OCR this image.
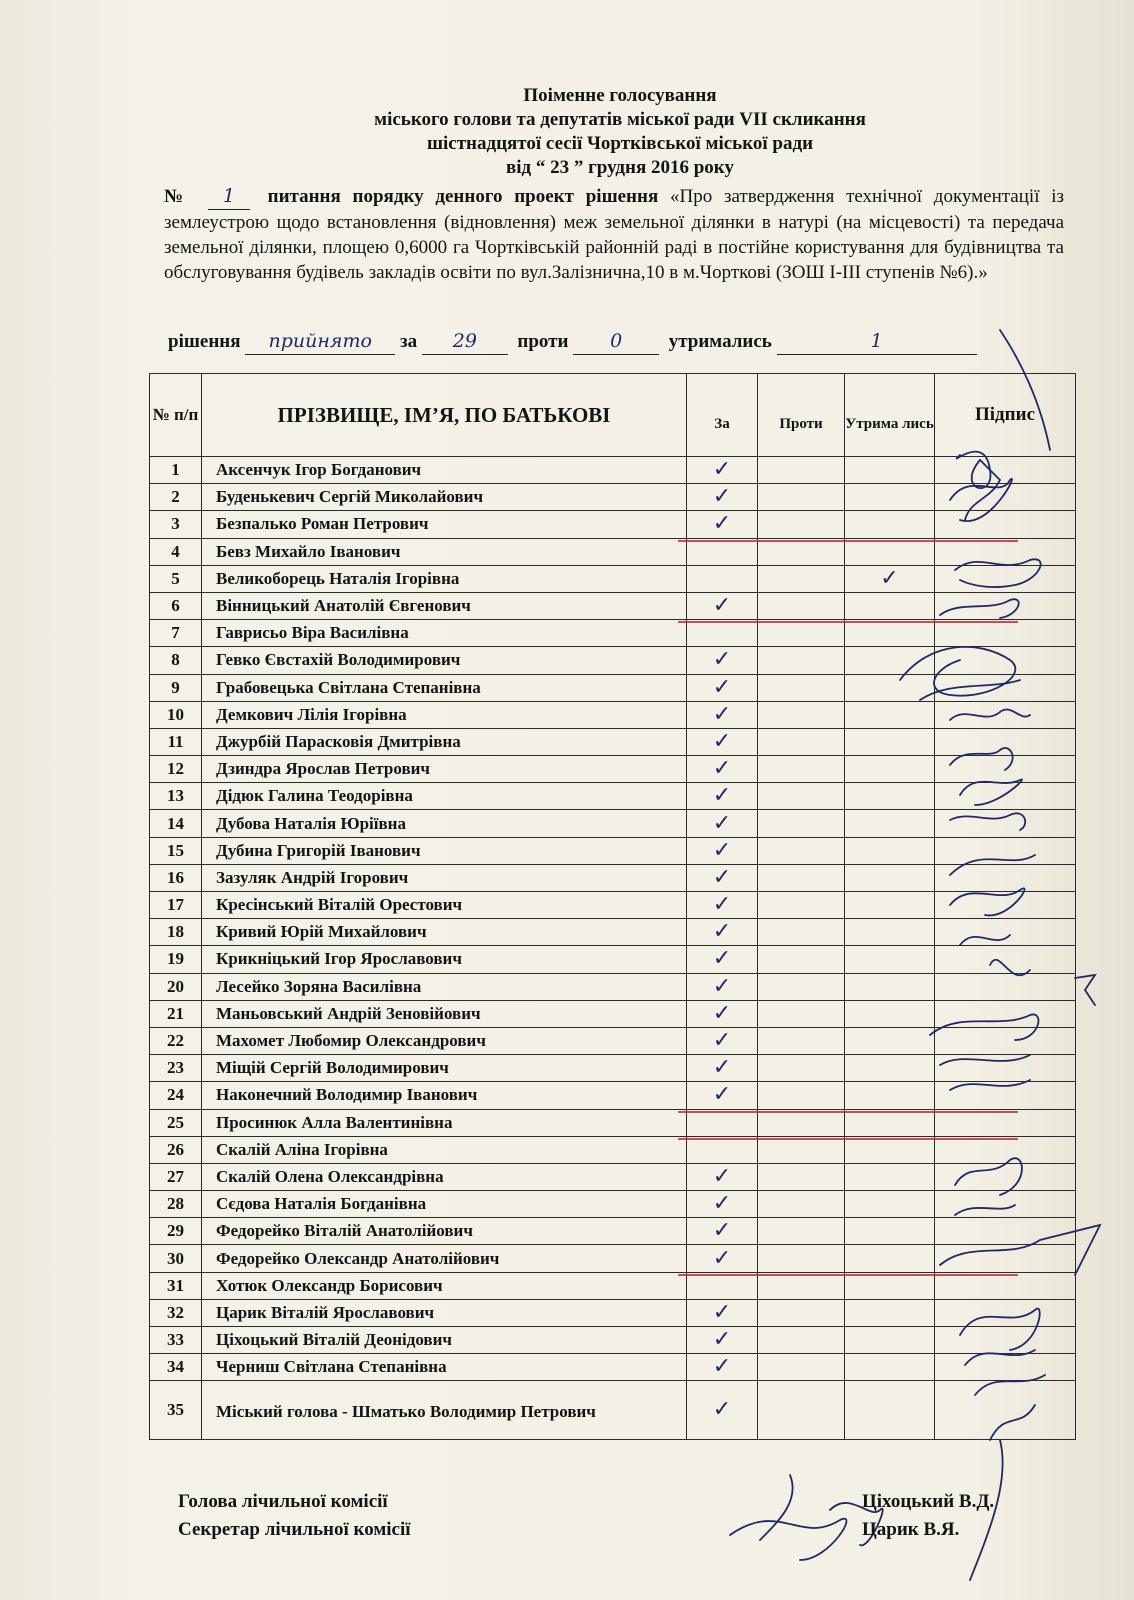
Поіменне голосування
міського голови та депутатів міської ради VII скликання
шістнадцятої сесії Чортківської міської ради
від “ 23 ” грудня 2016 року
№ 1 питання порядку денного проект рішення «Про затвердження технічної документації із землеустрою щодо встановлення (відновлення) меж земельної ділянки в натурі (на місцевості) та передача земельної ділянки, площею 0,6000 га Чортківській районній раді в постійне користування для будівництва та обслуговування будівель закладів освіти по вул.Залізнична,10 в м.Чорткові (ЗОШ І-ІІІ ступенів №6).»
рішення прийнято за 29 проти 0 утримались	1
№ п/п	ПРІЗВИЩЕ, ІМ’Я, ПО БАТЬКОВІ	За	Проти	Утрима лись	Підпис
1	Аксенчук Ігор Богданович	✓			
2	Буденькевич Сергій Миколайович	✓			
3	Безпалько Роман Петрович	✓			
4	Бевз Михайло Іванович				
5	Великоборець Наталія Ігорівна			✓	
6	Вінницький Анатолій Євгенович	✓			
7	Гаврисьо Віра Василівна				
8	Гевко Євстахій Володимирович	✓			
9	Грабовецька Світлана Степанівна	✓			
10	Демкович Лілія Ігорівна	✓			
11	Джурбій Парасковія Дмитрівна	✓			
12	Дзиндра Ярослав Петрович	✓			
13	Дідюк Галина Теодорівна	✓			
14	Дубова Наталія Юріївна	✓			
15	Дубина Григорій Іванович	✓			
16	Зазуляк Андрій Ігорович	✓			
17	Кресінський Віталій Орестович	✓			
18	Кривий Юрій Михайлович	✓			
19	Крикніцький Ігор Ярославович	✓			
20	Лесейко Зоряна Василівна	✓			
21	Маньовський Андрій Зеновійович	✓			
22	Махомет Любомир Олександрович	✓			
23	Міщій Сергій Володимирович	✓			
24	Наконечний Володимир Іванович	✓			
25	Просинюк Алла Валентинівна				
26	Скалій Аліна Ігорівна				
27	Скалій Олена Олександрівна	✓			
28	Сєдова Наталія Богданівна	✓			
29	Федорейко Віталій Анатолійович	✓			
30	Федорейко Олександр Анатолійович	✓			
31	Хотюк Олександр Борисович				
32	Царик Віталій Ярославович	✓			
33	Ціхоцький Віталій Деонідович	✓			
34	Черниш Світлана Степанівна	✓			
35	Міський голова - Шматько Володимир Петрович	✓			
Голова лічильної комісії
Секретар лічильної комісії
Ціхоцький В.Д.
Царик В.Я.
